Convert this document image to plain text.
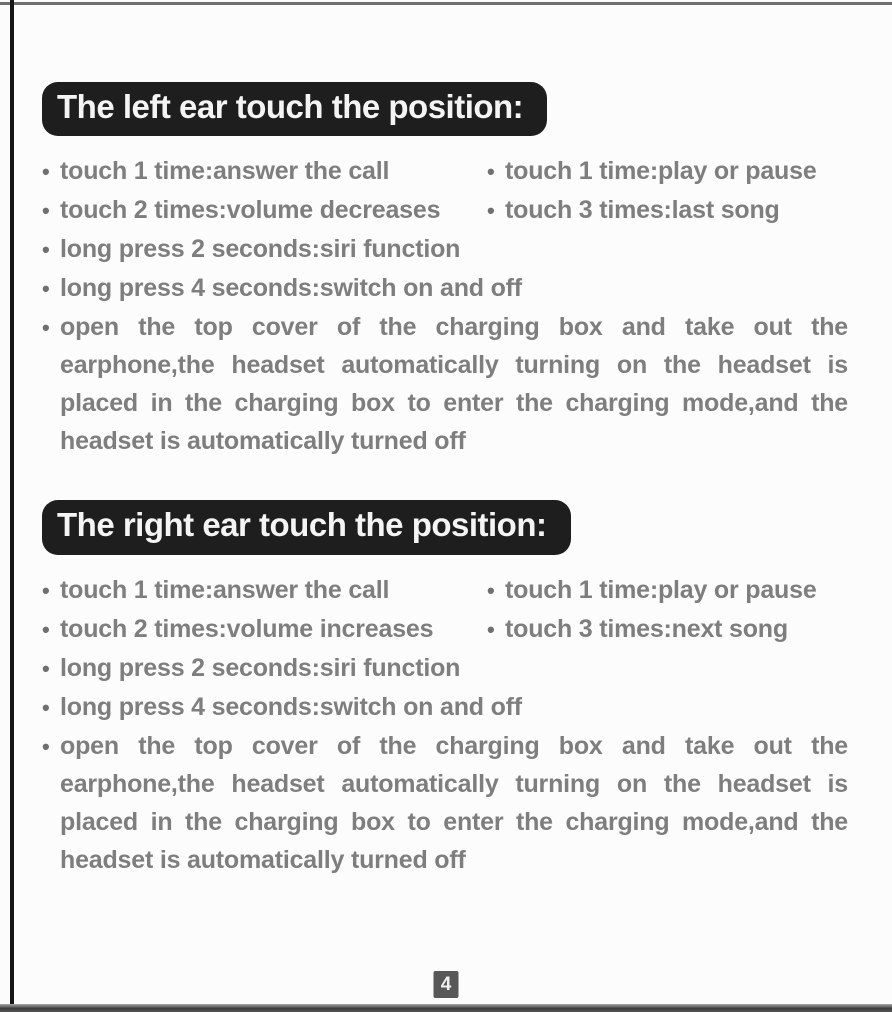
The left ear touch the position:
• touch 1 time:answer the call	• touch 1 time:play or pause
• touch 2 times:volume decreases	• touch 3 times:last song
• long press 2 seconds:siri function
• long press 4 seconds:switch on and off
• open the top cover of the charging box and take out the earphone,the headset automatically turning on the headset is placed in the charging box to enter the charging mode,and the headset is automatically turned off
The right ear touch the position:
• touch 1 time:answer the call	• touch 1 time:play or pause
• touch 2 times:volume increases	• touch 3 times:next song
• long press 2 seconds:siri function
• long press 4 seconds:switch on and off
• open the top cover of the charging box and take out the earphone,the headset automatically turning on the headset is placed in the charging box to enter the charging mode,and the headset is automatically turned off
4
